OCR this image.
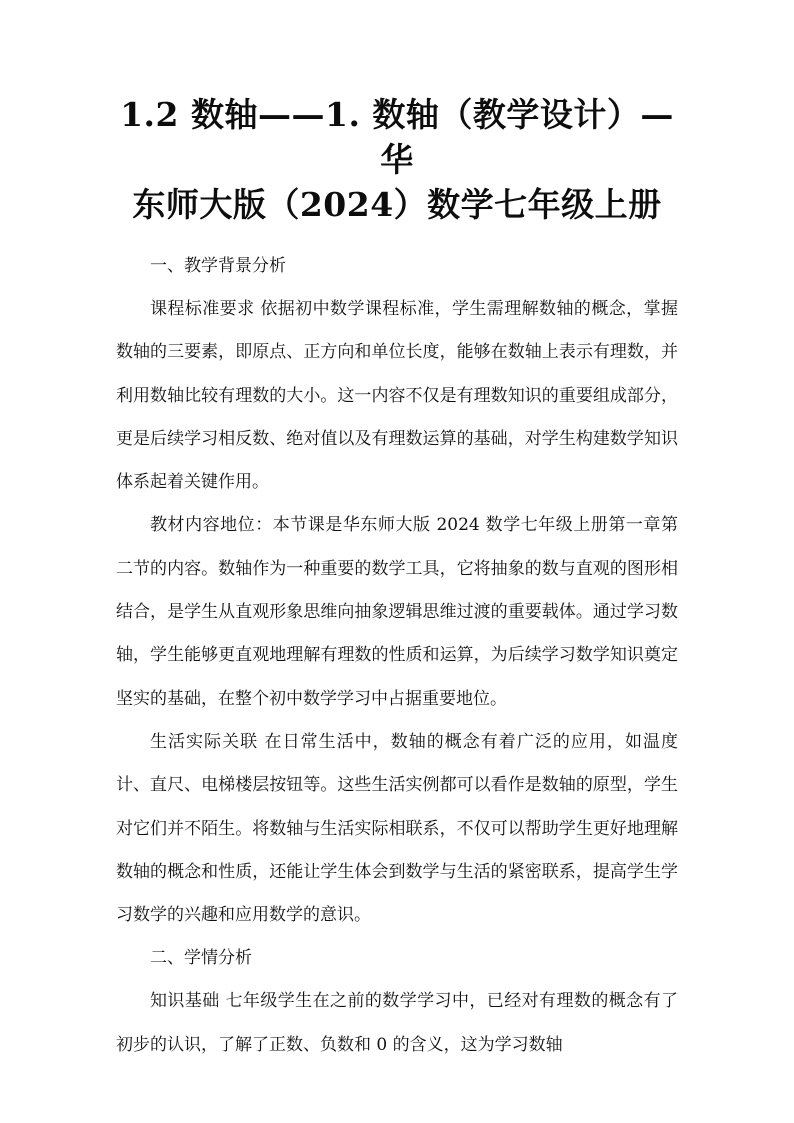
1.2 数轴——1. 数轴（教学设计）—华
东师大版（2024）数学七年级上册
一、教学背景分析

课程标准要求 依据初中数学课程标准，学生需理解数轴的概念，掌握数轴的三要素，即原点、正方向和单位长度，能够在数轴上表示有理数，并利用数轴比较有理数的大小。这一内容不仅是有理数知识的重要组成部分，更是后续学习相反数、绝对值以及有理数运算的基础，对学生构建数学知识体系起着关键作用。

教材内容地位：本节课是华东师大版 2024 数学七年级上册第一章第二节的内容。数轴作为一种重要的数学工具，它将抽象的数与直观的图形相结合，是学生从直观形象思维向抽象逻辑思维过渡的重要载体。通过学习数轴，学生能够更直观地理解有理数的性质和运算，为后续学习数学知识奠定坚实的基础，在整个初中数学学习中占据重要地位。

生活实际关联 在日常生活中，数轴的概念有着广泛的应用，如温度计、直尺、电梯楼层按钮等。这些生活实例都可以看作是数轴的原型，学生对它们并不陌生。将数轴与生活实际相联系，不仅可以帮助学生更好地理解数轴的概念和性质，还能让学生体会到数学与生活的紧密联系，提高学生学习数学的兴趣和应用数学的意识。

二、学情分析

知识基础 七年级学生在之前的数学学习中，已经对有理数的概念有了初步的认识，了解了正数、负数和 0 的含义，这为学习数轴
